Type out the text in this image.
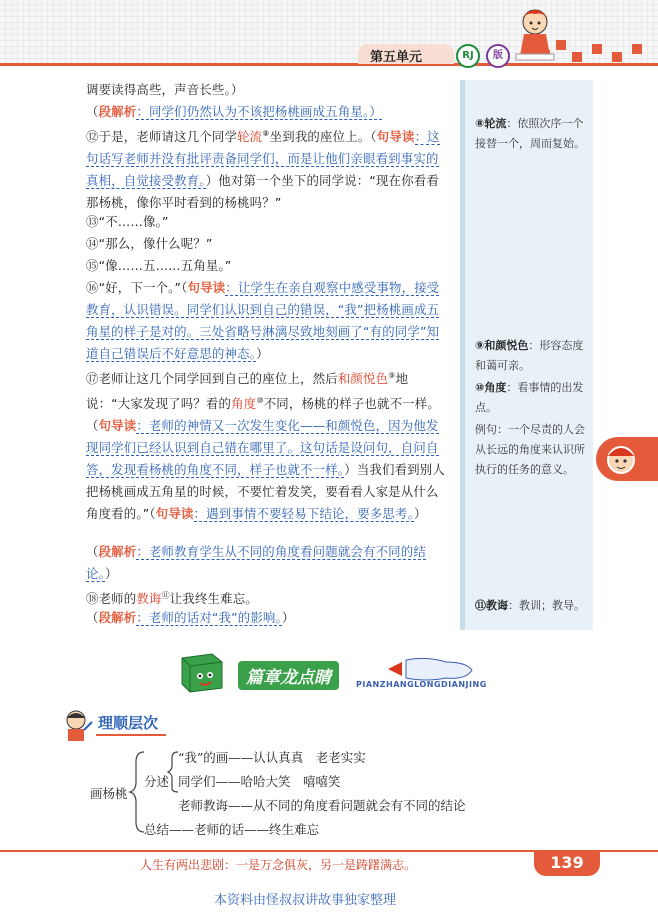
第五单元	RJ	版
⑧轮流：依照次序一个接替一个，周而复始。
⑨和颜悦色：形容态度和蔼可亲。
⑩角度：看事情的出发点。
例句：一个尽责的人会从长远的角度来认识所执行的任务的意义。
⑪教诲：教训；教导。
调要读得高些，声音长些。）
（段解析：同学们仍然认为不该把杨桃画成五角星。）
⑫于是，老师请这几个同学轮流⑧坐到我的座位上。（句导读：这句话写老师并没有批评责备同学们，而是让他们亲眼看到事实的真相，自觉接受教育。）他对第一个坐下的同学说：“现在你看看那杨桃，像你平时看到的杨桃吗？”
⑬“不……像。”
⑭“那么，像什么呢？”
⑮“像……五……五角星。”
⑯“好，下一个。”（句导读：让学生在亲自观察中感受事物，接受教育，认识错误。同学们认识到自己的错误，“我”把杨桃画成五角星的样子是对的。三处省略号淋漓尽致地刻画了“有的同学”知道自己错误后不好意思的神态。）
⑰老师让这几个同学回到自己的座位上，然后和颜悦色⑨地说：“大家发现了吗？看的角度⑩不同，杨桃的样子也就不一样。（句导读：老师的神情又一次发生变化——和颜悦色，因为他发现同学们已经认识到自己错在哪里了。这句话是设问句，自问自答，发现看杨桃的角度不同，样子也就不一样。）当我们看到别人把杨桃画成五角星的时候，不要忙着发笑，要看看人家是从什么角度看的。”（句导读：遇到事情不要轻易下结论，要多思考。）
（段解析：老师教育学生从不同的角度看问题就会有不同的结论。）
⑱老师的教诲⑪让我终生难忘。
（段解析：老师的话对“我”的影响。）
篇章龙点睛	PIANZHANGLONGDIANJING
理顺层次
画杨桃
分述
“我”的画——认认真真　老老实实
同学们——哈哈大笑　嘻嘻笑
老师教诲——从不同的角度看问题就会有不同的结论
总结——老师的话——终生难忘
人生有两出悲剧：一是万念俱灰，另一是踌躇满志。	139
本资料由怪叔叔讲故事独家整理
